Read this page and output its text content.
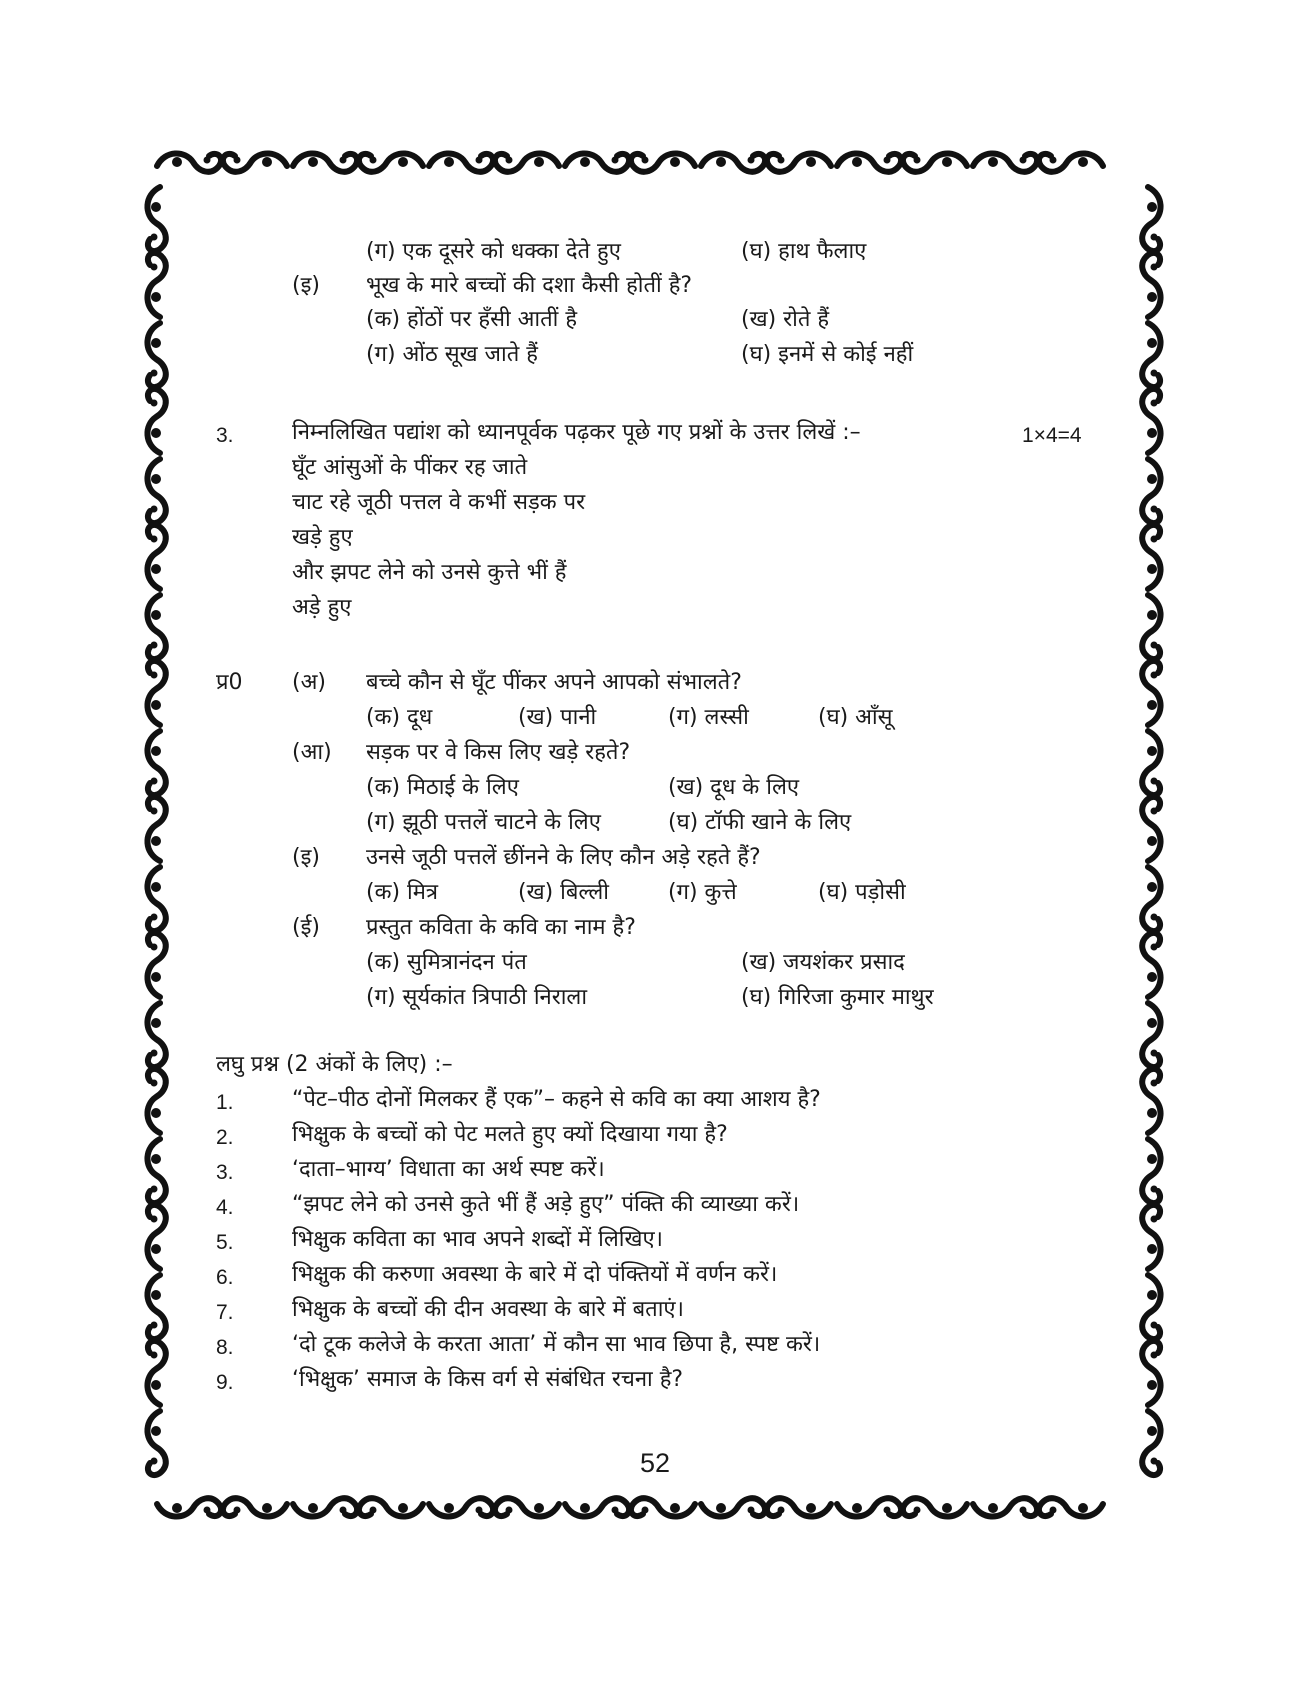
(ग) एक दूसरे को धक्का देते हुए	(घ) हाथ फैलाए
(इ) भूख के मारे बच्चों की दशा कैसी होतीं है?
(क) होंठों पर हँसी आतीं है	(ख) रोते हैं
(ग) ओंठ सूख जाते हैं	(घ) इनमें से कोई नहीं
3.	निम्नलिखित पद्यांश को ध्यानपूर्वक पढ़कर पूछे गए प्रश्नों के उत्तर लिखें :–	1×4=4
घूँट आंसुओं के पींकर रह जाते
चाट रहे जूठी पत्तल वे कभीं सड़क पर
खड़े हुए
और झपट लेने को उनसे कुत्ते भीं हैं
अड़े हुए
प्र0 (अ) बच्चे कौन से घूँट पींकर अपने आपको संभालते?
(क) दूध	(ख) पानी	(ग) लस्सी	(घ) आँसू
(आ) सड़क पर वे किस लिए खड़े रहते?
(क) मिठाई के लिए	(ख) दूध के लिए
(ग) झूठी पत्तलें चाटने के लिए	(घ) टॉफी खाने के लिए
(इ) उनसे जूठी पत्तलें छींनने के लिए कौन अड़े रहते हैं?
(क) मित्र	(ख) बिल्ली	(ग) कुत्ते	(घ) पड़ोसी
(ई) प्रस्तुत कविता के कवि का नाम है?
(क) सुमित्रानंदन पंत	(ख) जयशंकर प्रसाद
(ग) सूर्यकांत त्रिपाठी निराला	(घ) गिरिजा कुमार माथुर
लघु प्रश्न (2 अंकों के लिए) :–
1.	“पेट–पीठ दोनों मिलकर हैं एक”– कहने से कवि का क्या आशय है?
2.	भिक्षुक के बच्चों को पेट मलते हुए क्यों दिखाया गया है?
3.	‘दाता–भाग्य’ विधाता का अर्थ स्पष्ट करें।
4.	“झपट लेने को उनसे कुते भीं हैं अड़े हुए” पंक्ति की व्याख्या करें।
5.	भिक्षुक कविता का भाव अपने शब्दों में लिखिए।
6.	भिक्षुक की करुणा अवस्था के बारे में दो पंक्तियों में वर्णन करें।
7.	भिक्षुक के बच्चों की दीन अवस्था के बारे में बताएं।
8.	‘दो टूक कलेजे के करता आता’ में कौन सा भाव छिपा है, स्पष्ट करें।
9.	‘भिक्षुक’ समाज के किस वर्ग से संबंधित रचना है?
52
